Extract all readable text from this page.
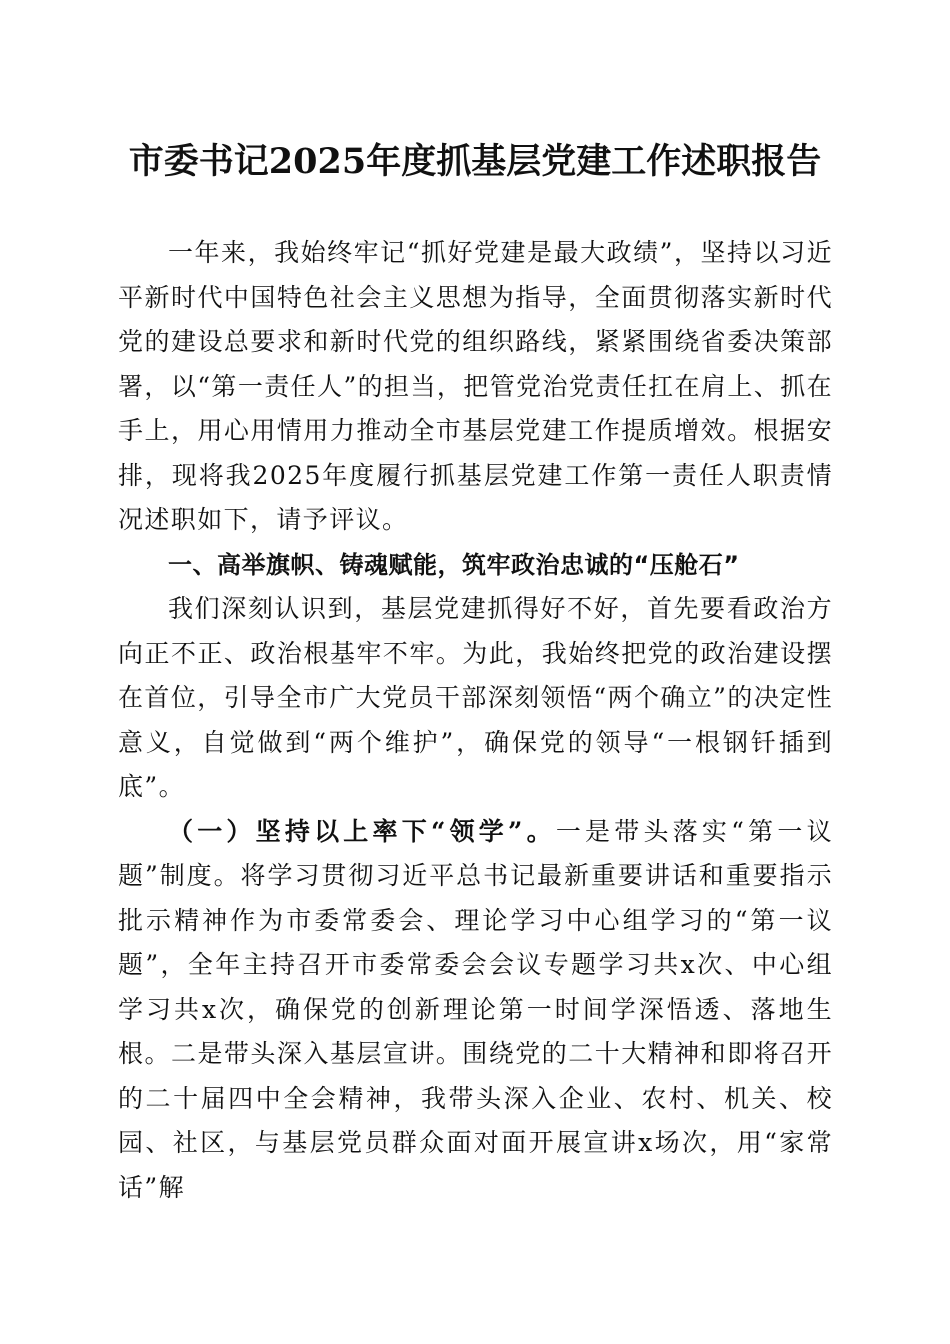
市委书记2025年度抓基层党建工作述职报告

一年来，我始终牢记“抓好党建是最大政绩”，坚持以习近平新时代中国特色社会主义思想为指导，全面贯彻落实新时代党的建设总要求和新时代党的组织路线，紧紧围绕省委决策部署，以“第一责任人”的担当，把管党治党责任扛在肩上、抓在手上，用心用情用力推动全市基层党建工作提质增效。根据安排，现将我2025年度履行抓基层党建工作第一责任人职责情况述职如下，请予评议。

一、高举旗帜、铸魂赋能，筑牢政治忠诚的“压舱石”

我们深刻认识到，基层党建抓得好不好，首先要看政治方向正不正、政治根基牢不牢。为此，我始终把党的政治建设摆在首位，引导全市广大党员干部深刻领悟“两个确立”的决定性意义，自觉做到“两个维护”，确保党的领导“一根钢钎插到底”。

（一）坚持以上率下“领学”。一是带头落实“第一议题”制度。将学习贯彻习近平总书记最新重要讲话和重要指示批示精神作为市委常委会、理论学习中心组学习的“第一议题”，全年主持召开市委常委会会议专题学习共x次、中心组学习共x次，确保党的创新理论第一时间学深悟透、落地生根。二是带头深入基层宣讲。围绕党的二十大精神和即将召开的二十届四中全会精神，我带头深入企业、农村、机关、校园、社区，与基层党员群众面对面开展宣讲x场次，用“家常话”解
